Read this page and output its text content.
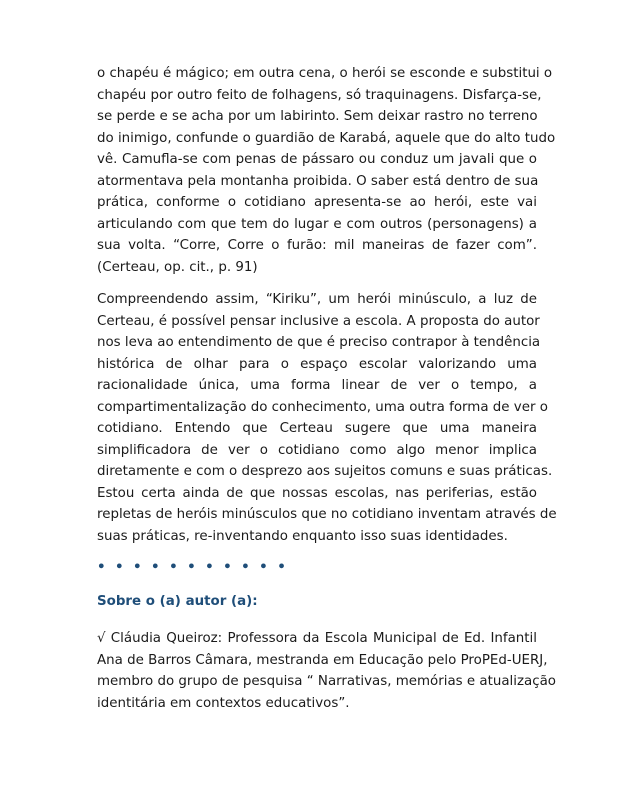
o chapéu é mágico; em outra cena, o herói se esconde e substitui o
chapéu por outro feito de folhagens, só traquinagens. Disfarça-se,
se perde e se acha por um labirinto. Sem deixar rastro no terreno
do inimigo, confunde o guardião de Karabá, aquele que do alto tudo
vê. Camufla-se com penas de pássaro ou conduz um javali que o
atormentava pela montanha proibida. O saber está dentro de sua
prática, conforme o cotidiano apresenta-se ao herói, este vai
articulando com que tem do lugar e com outros (personagens) a
sua volta. “Corre, Corre o furão: mil maneiras de fazer com”.
(Certeau, op. cit., p. 91)
Compreendendo assim, “Kiriku”, um herói minúsculo, a luz de
Certeau, é possível pensar inclusive a escola. A proposta do autor
nos leva ao entendimento de que é preciso contrapor à tendência
histórica de olhar para o espaço escolar valorizando uma
racionalidade única, uma forma linear de ver o tempo, a
compartimentalização do conhecimento, uma outra forma de ver o
cotidiano. Entendo que Certeau sugere que uma maneira
simplificadora de ver o cotidiano como algo menor implica
diretamente e com o desprezo aos sujeitos comuns e suas práticas.
Estou certa ainda de que nossas escolas, nas periferias, estão
repletas de heróis minúsculos que no cotidiano inventam através de
suas práticas, re-inventando enquanto isso suas identidades.
• • • • • • • • • • •
Sobre o (a) autor (a):
√ Cláudia Queiroz: Professora da Escola Municipal de Ed. Infantil
Ana de Barros Câmara, mestranda em Educação pelo ProPEd-UERJ,
membro do grupo de pesquisa “ Narrativas, memórias e atualização
identitária em contextos educativos”.
